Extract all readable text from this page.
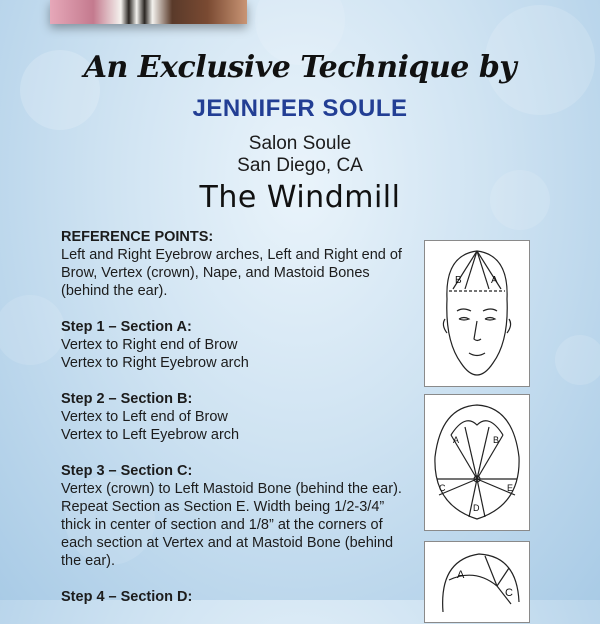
An Exclusive Technique by
JENNIFER SOULE
Salon Soule
San Diego, CA
The Windmill
REFERENCE POINTS:
Left and Right Eyebrow arches, Left and Right end of Brow, Vertex (crown), Nape, and Mastoid Bones (behind the ear).
Step 1 – Section A:
Vertex to Right end of Brow
Vertex to Right Eyebrow arch
Step 2 – Section B:
Vertex to Left end of Brow
Vertex to Left Eyebrow arch
Step 3 – Section C:
Vertex (crown) to Left Mastoid Bone (behind the ear). Repeat Section as Section E. Width being 1/2-3/4” thick in center of section and 1/8” at the corners of each section at Vertex and at Mastoid Bone (behind the ear).
Step 4 – Section D:
B	A
A	B
C	E
D
A
C
